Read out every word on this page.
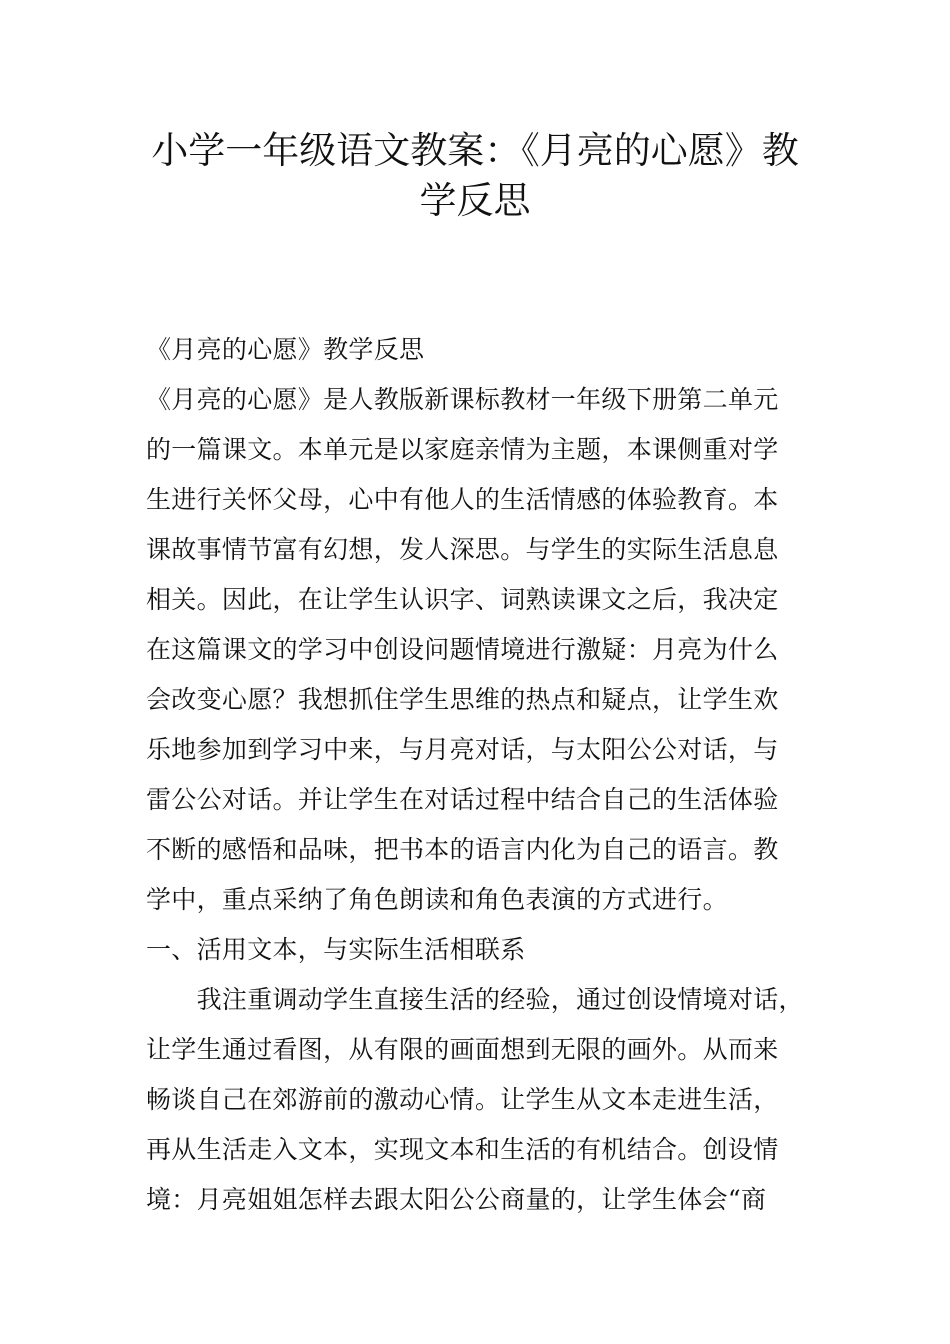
小学一年级语文教案：《月亮的心愿》教
学反思

《月亮的心愿》教学反思

《月亮的心愿》是人教版新课标教材一年级下册第二单元

的一篇课文。本单元是以家庭亲情为主题，本课侧重对学

生进行关怀父母，心中有他人的生活情感的体验教育。本

课故事情节富有幻想，发人深思。与学生的实际生活息息

相关。因此，在让学生认识字、词熟读课文之后，我决定

在这篇课文的学习中创设问题情境进行激疑：月亮为什么

会改变心愿？我想抓住学生思维的热点和疑点，让学生欢

乐地参加到学习中来，与月亮对话，与太阳公公对话，与

雷公公对话。并让学生在对话过程中结合自己的生活体验

不断的感悟和品味，把书本的语言内化为自己的语言。教

学中，重点采纳了角色朗读和角色表演的方式进行。

一、活用文本，与实际生活相联系

　　我注重调动学生直接生活的经验，通过创设情境对话，

让学生通过看图，从有限的画面想到无限的画外。从而来

畅谈自己在郊游前的激动心情。让学生从文本走进生活，

再从生活走入文本，实现文本和生活的有机结合。创设情

境：月亮姐姐怎样去跟太阳公公商量的，让学生体会“商
